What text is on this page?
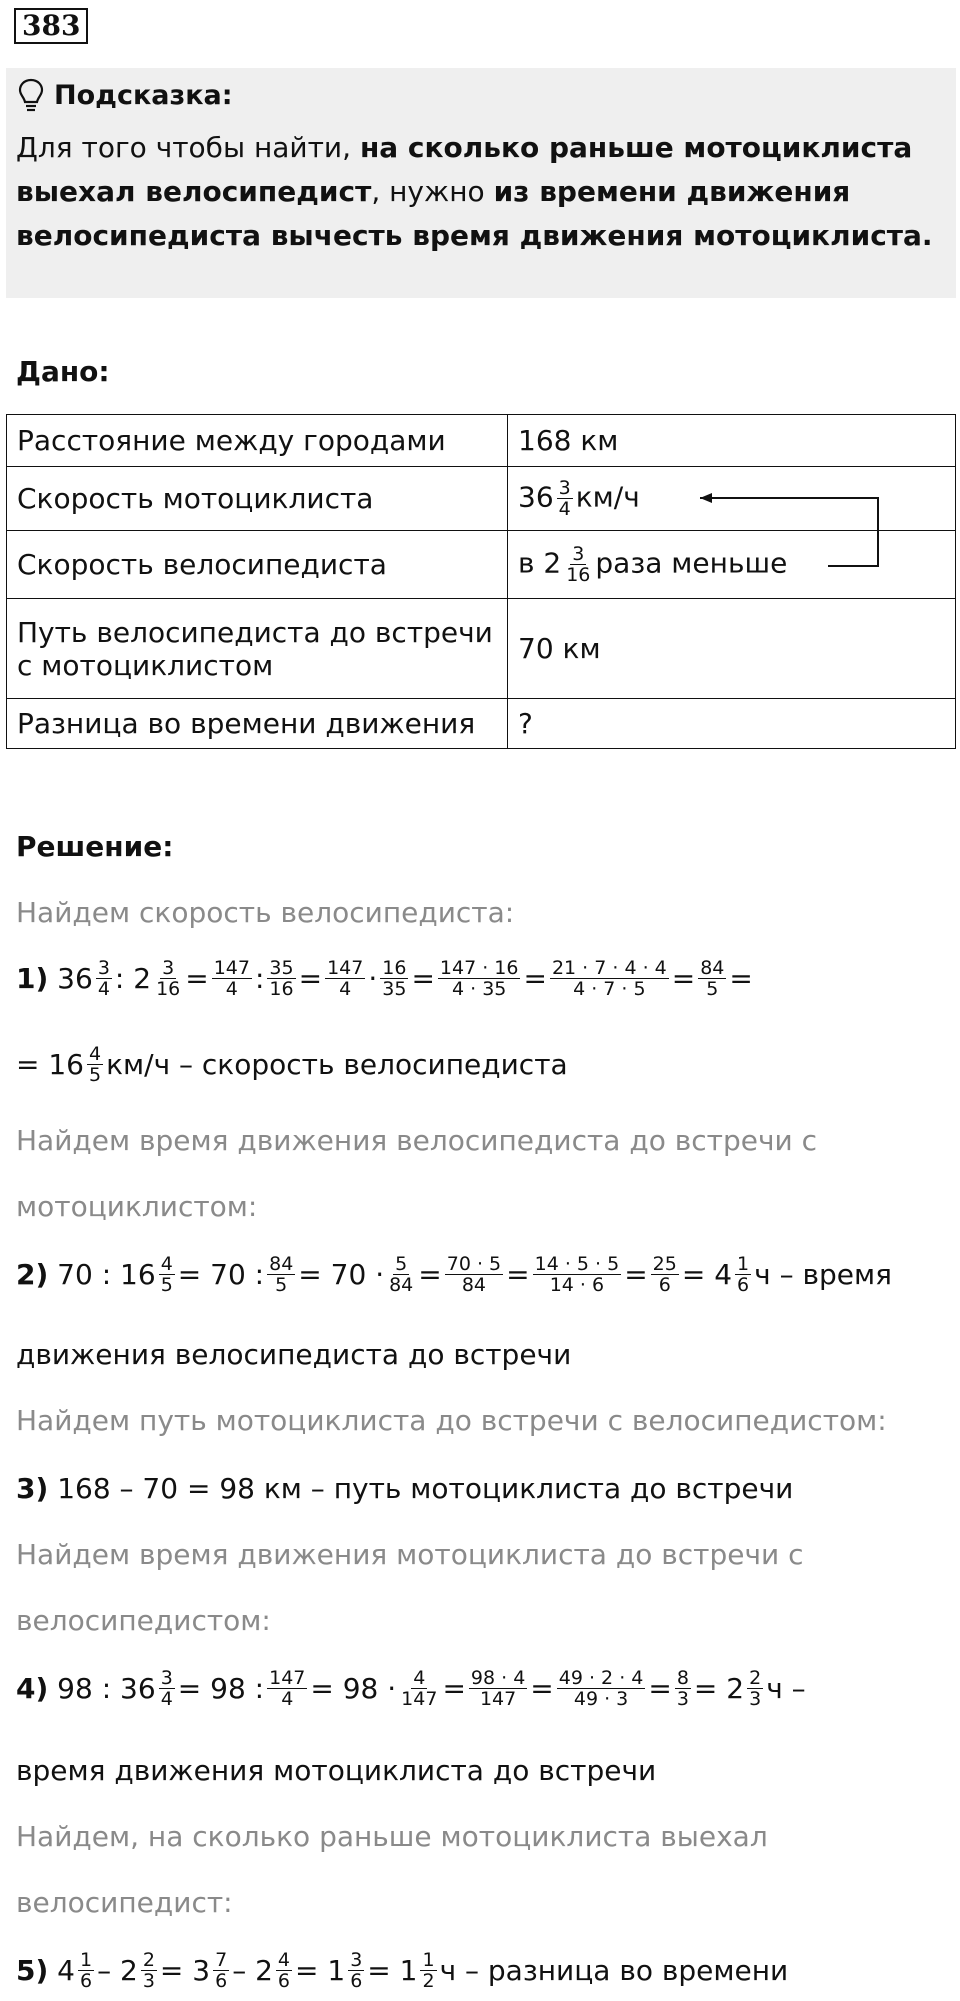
383
Подсказка:
Для того чтобы найти, на сколько раньше мотоциклиста выехал велосипедист, нужно из времени движения велосипедиста вычесть время движения мотоциклиста.
Дано:
Расстояние между городами	168 км
Скорость мотоциклиста	$36 \frac{3}{4} км/ч$
Скорость велосипедиста	в $2 \frac{3}{16}$ раза меньше

Путь велосипедиста до встречи
с мотоциклистом	70 км
Разница во времени движения	?
Решение:
Найдем скорость велосипедиста:
1) $36 \frac{3}{4}$ : $2 \frac{3}{16} = \frac{147}{4}$ : $\frac{35}{16} = \frac{147}{4} \cdot \frac{16}{35} = \frac{147 \cdot 16}{4 \cdot 35} = \frac{21 \cdot 7 \cdot 4 \cdot 4}{4 \cdot 7 \cdot 5} = \frac{84}{5}$ =
= $16 \frac{4}{5} км/ч$ – скорость велосипедиста
Найдем время движения велосипедиста до встречи с
мотоциклистом:
2) 70 : $16 \frac{4}{5} = 70$ : $\frac{84}{5} = 70 \cdot \frac{5}{84} = \frac{70 \cdot 5}{84} = \frac{14 \cdot 5 \cdot 5}{14 \cdot 6} = \frac{25}{6} = 4 \frac{1}{6}$ ч – время
движения велосипедиста до встречи
Найдем путь мотоциклиста до встречи с велосипедистом:
3) 168 – 70 = 98 км – путь мотоциклиста до встречи
Найдем время движения мотоциклиста до встречи с
велосипедистом:
4) 98 : $36 \frac{3}{4} = 98$ : $\frac{147}{4} = 98 \cdot \frac{4}{147} = \frac{98 \cdot 4}{147} = \frac{49 \cdot 2 \cdot 4}{49 \cdot 3} = \frac{8}{3} = 2 \frac{2}{3}$ ч –
время движения мотоциклиста до встречи
Найдем, на сколько раньше мотоциклиста выехал
велосипедист:
5) $4 \frac{1}{6} - 2 \frac{2}{3} = 3 \frac{7}{6} - 2 \frac{4}{6} = 1 \frac{3}{6} = 1 \frac{1}{2}$ ч – разница во времени
